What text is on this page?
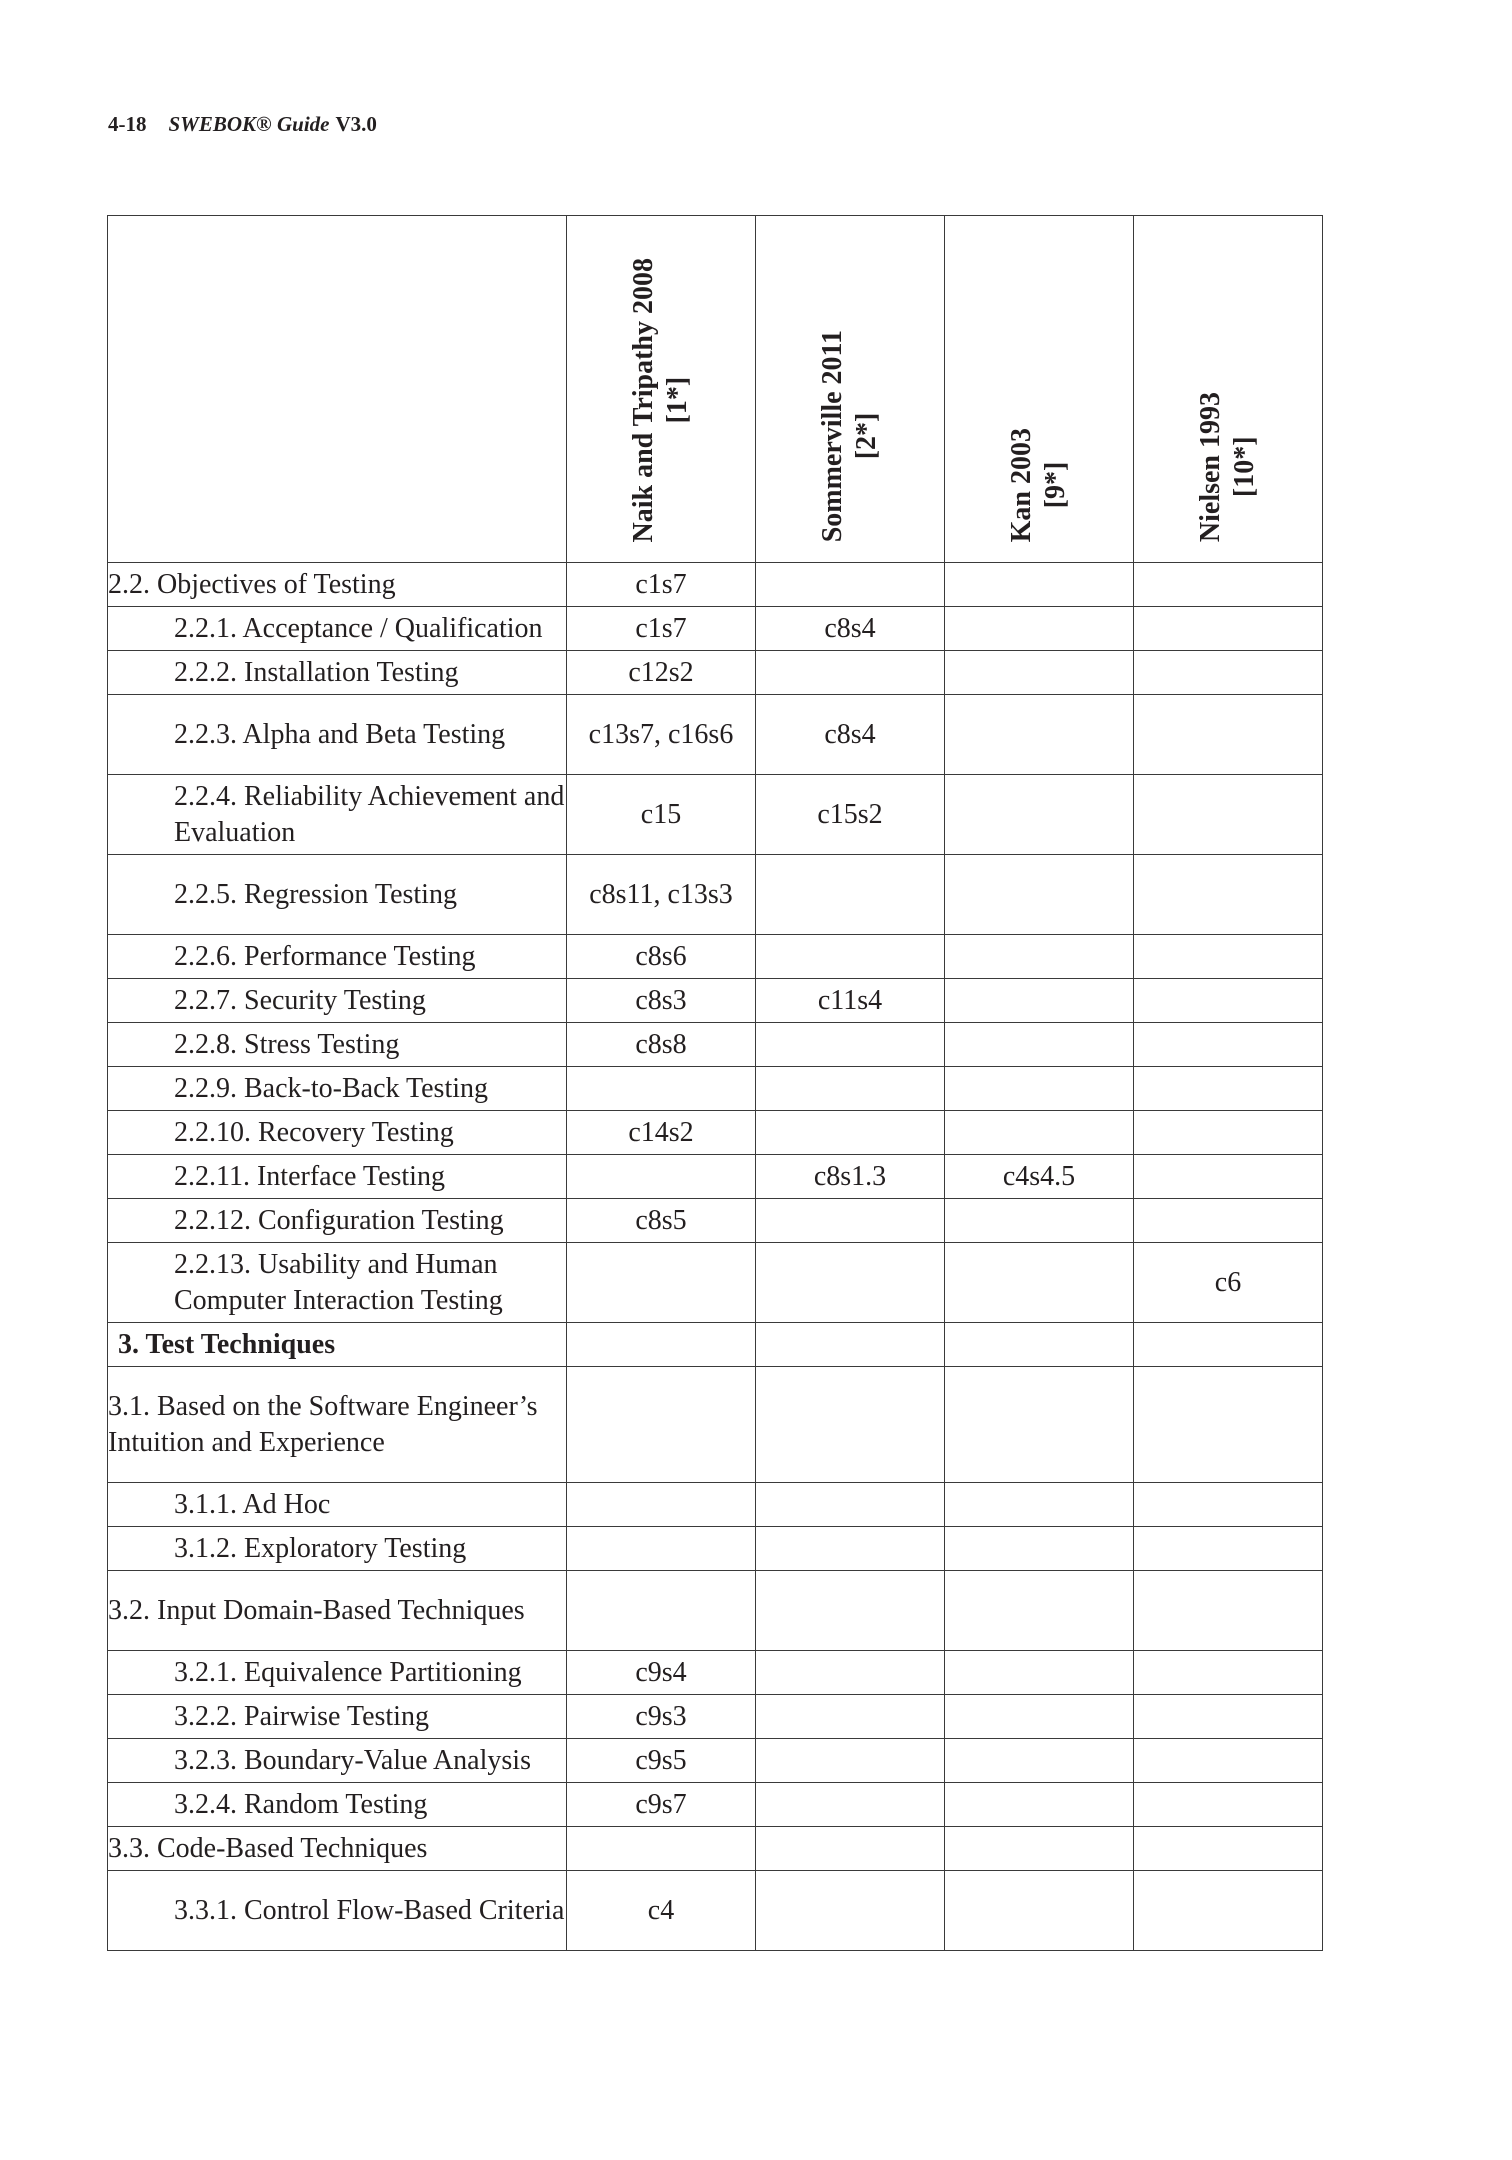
4-18 SWEBOK® Guide V3.0

	Naik and Tripathy 2008 [1*]	Sommerville 2011 [2*]	Kan 2003 [9*]	Nielsen 1993 [10*]

2.2. Objectives of Testing	c1s7			
2.2.1. Acceptance / Qualification	c1s7	c8s4		
2.2.2. Installation Testing	c12s2			
2.2.3. Alpha and Beta Testing	c13s7, c16s6	c8s4		
2.2.4. Reliability Achievement and Evaluation	c15	c15s2		
2.2.5. Regression Testing	c8s11, c13s3			
2.2.6. Performance Testing	c8s6			
2.2.7. Security Testing	c8s3	c11s4		
2.2.8. Stress Testing	c8s8			
2.2.9. Back-to-Back Testing				
2.2.10. Recovery Testing	c14s2			
2.2.11. Interface Testing		c8s1.3	c4s4.5	
2.2.12. Configuration Testing	c8s5			
2.2.13. Usability and Human Computer Interaction Testing				c6
3. Test Techniques				
3.1. Based on the Software Engineer’s Intuition and Experience				
3.1.1. Ad Hoc				
3.1.2. Exploratory Testing				
3.2. Input Domain-Based Techniques				
3.2.1. Equivalence Partitioning	c9s4			
3.2.2. Pairwise Testing	c9s3			
3.2.3. Boundary-Value Analysis	c9s5			
3.2.4. Random Testing	c9s7			
3.3. Code-Based Techniques				
3.3.1. Control Flow-Based Criteria	c4			
